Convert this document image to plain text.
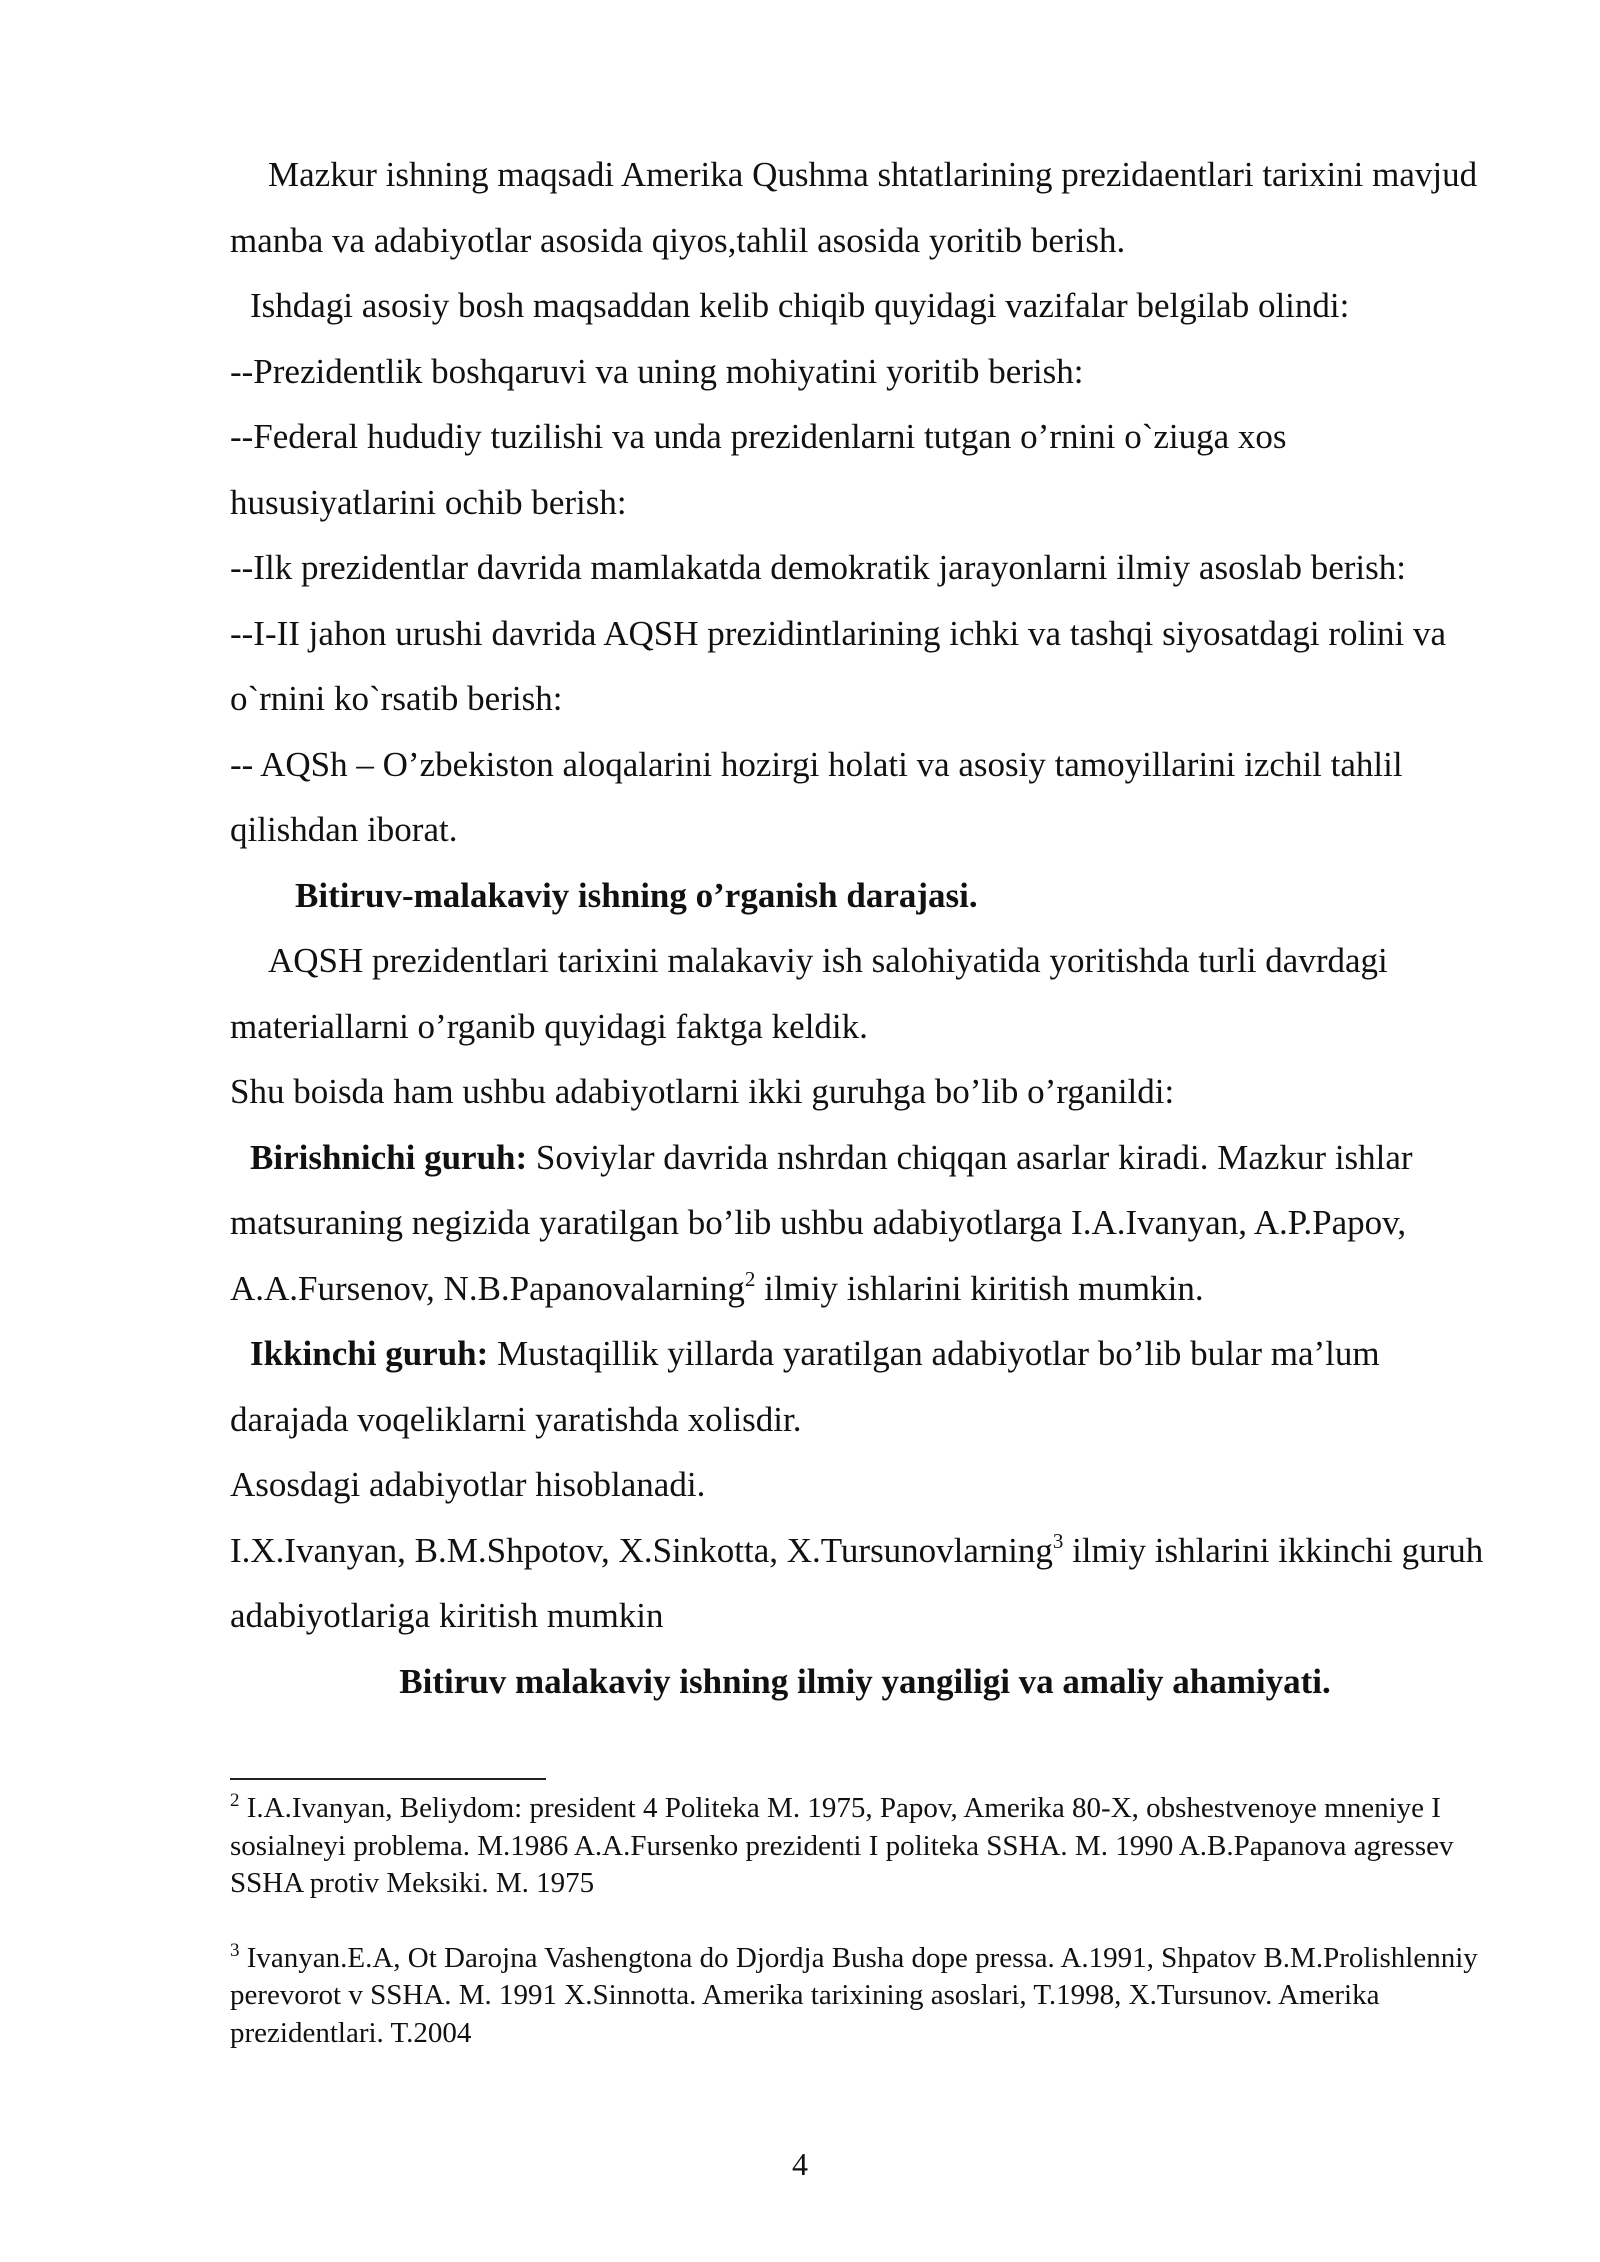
Mazkur ishning maqsadi Amerika Qushma shtatlarining prezidaentlari tarixini mavjud manba va adabiyotlar asosida qiyos,tahlil asosida yoritib berish.

Ishdagi asosiy bosh maqsaddan kelib chiqib quyidagi vazifalar belgilab olindi:

--Prezidentlik boshqaruvi va uning mohiyatini yoritib berish:

--Federal hududiy tuzilishi va unda prezidenlarni tutgan o’rnini o`ziuga xos hususiyatlarini ochib berish:

--Ilk prezidentlar davrida mamlakatda demokratik jarayonlarni ilmiy asoslab berish:

--I-II jahon urushi davrida AQSH prezidintlarining ichki va tashqi siyosatdagi rolini va o`rnini ko`rsatib berish:

-- AQSh – O’zbekiston aloqalarini hozirgi holati va asosiy tamoyillarini izchil tahlil qilishdan iborat.

Bitiruv-malakaviy ishning o’rganish darajasi.

AQSH prezidentlari tarixini malakaviy ish salohiyatida yoritishda turli davrdagi materiallarni o’rganib quyidagi faktga keldik.

Shu boisda ham ushbu adabiyotlarni ikki guruhga bo’lib o’rganildi:

Birishnichi guruh: Soviylar davrida nshrdan chiqqan asarlar kiradi. Mazkur ishlar matsuraning negizida yaratilgan bo’lib ushbu adabiyotlarga I.A.Ivanyan, A.P.Papov, A.A.Fursenov, N.B.Papanovalarning$^2$ ilmiy ishlarini kiritish mumkin.

Ikkinchi guruh: Mustaqillik yillarda yaratilgan adabiyotlar bo’lib bular ma’lum darajada voqeliklarni yaratishda xolisdir.

Asosdagi adabiyotlar hisoblanadi.

I.X.Ivanyan, B.M.Shpotov, X.Sinkotta, X.Tursunovlarning$^3$ ilmiy ishlarini ikkinchi guruh adabiyotlariga kiritish mumkin

Bitiruv malakaviy ishning ilmiy yangiligi va amaliy ahamiyati.

$^2$ I.A.Ivanyan, Beliydom: president 4 Politeka M. 1975, Papov, Amerika 80-X, obshestvenoye mneniye I sosialneyi problema. M.1986 A.A.Fursenko prezidenti I politeka SSHA. M. 1990 A.B.Papanova agressev SSHA protiv Meksiki. M. 1975

$^3$ Ivanyan.E.A, Ot Darojna Vashengtona do Djordja Busha dope pressa. A.1991, Shpatov B.M.Prolishlenniy perevorot v SSHA. M. 1991 X.Sinnotta. Amerika tarixining asoslari, T.1998, X.Tursunov. Amerika prezidentlari. T.2004

4
